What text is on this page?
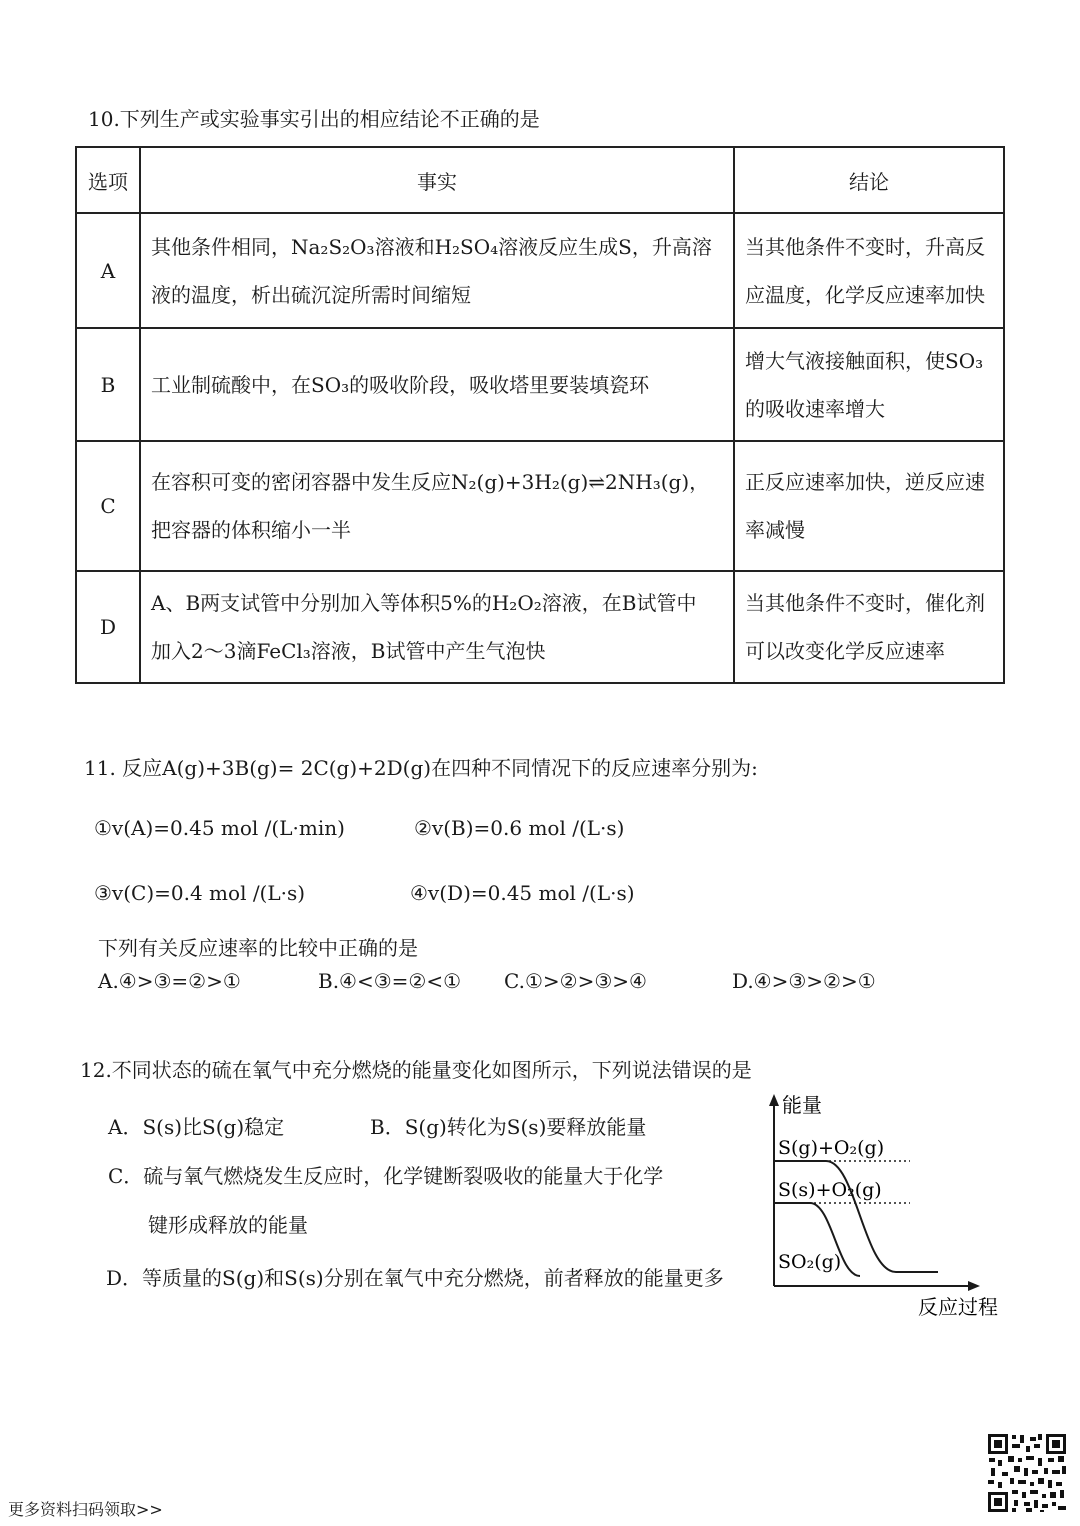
10.下列生产或实验事实引出的相应结论不正确的是
选项	事实	结论
A	其他条件相同，Na₂S₂O₃溶液和H₂SO₄溶液反应生成S，升高溶
液的温度，析出硫沉淀所需时间缩短	当其他条件不变时，升高反
应温度，化学反应速率加快

B	工业制硫酸中，在SO₃的吸收阶段，吸收塔里要装填瓷环	增大气液接触面积，使SO₃
的吸收速率增大

C	在容积可变的密闭容器中发生反应N₂(g)+3H₂(g)⇌2NH₃(g)，
把容器的体积缩小一半	正反应速率加快，逆反应速
率减慢

D	A、B两支试管中分别加入等体积5%的H₂O₂溶液，在B试管中
加入2～3滴FeCl₃溶液，B试管中产生气泡快	当其他条件不变时，催化剂
可以改变化学反应速率
11. 反应A(g)+3B(g)= 2C(g)+2D(g)在四种不同情况下的反应速率分别为:
①v(A)=0.45 mol /(L·min)	②v(B)=0.6 mol /(L·s)
③v(C)=0.4 mol /(L·s)	④v(D)=0.45 mol /(L·s)
下列有关反应速率的比较中正确的是
A.④>③=②>①	B.④<③=②<① C.①>②>③>④	D.④>③>②>①
12.不同状态的硫在氧气中充分燃烧的能量变化如图所示，下列说法错误的是
A．S(s)比S(g)稳定	B．S(g)转化为S(s)要释放能量
C．硫与氧气燃烧发生反应时，化学键断裂吸收的能量大于化学
键形成释放的能量
D．等质量的S(g)和S(s)分别在氧气中充分燃烧，前者释放的能量更多
能量
S(g)+O₂(g)
S(s)+O₂(g)
SO₂(g)
反应过程
更多资料扫码领取>>
